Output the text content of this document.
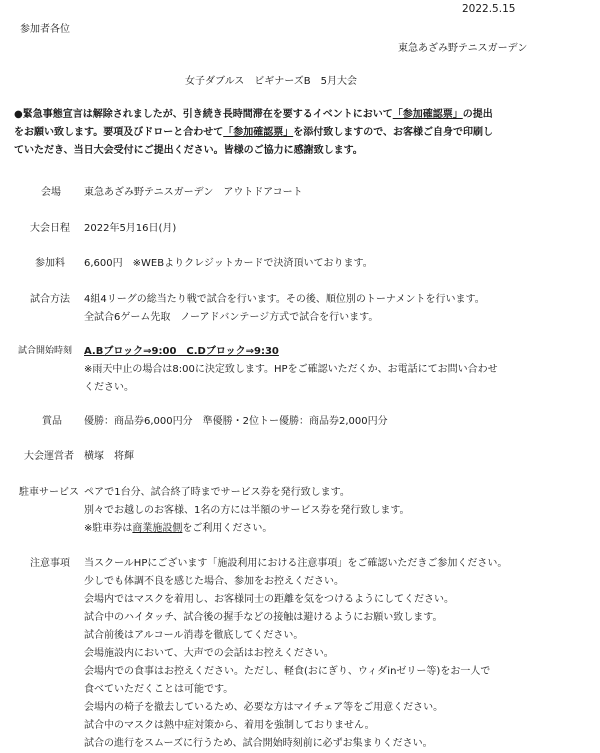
2022.5.15
参加者各位
東急あざみ野テニスガーデン
女子ダブルス　ビギナーズB　5月大会
●緊急事態宣言は解除されましたが、引き続き長時間滞在を要するイベントにおいて「参加確認票」の提出
をお願い致します。要項及びドローと合わせて「参加確認票」を添付致しますので、お客様ご自身で印刷し
ていただき、当日大会受付にご提出ください。皆様のご協力に感謝致します。
会場 東急あざみ野テニスガーデン　アウトドアコート
大会日程 2022年5月16日(月)
参加料 6,600円　※WEBよりクレジットカードで決済頂いております。
試合方法 4組4リーグの総当たり戦で試合を行います。その後、順位別のトーナメントを行います。
全試合6ゲーム先取　ノーアドバンテージ方式で試合を行います。
試合開始時刻 A.Bブロック⇒9:00　C.Dブロック⇒9:30
※雨天中止の場合は8:00に決定致します。HPをご確認いただくか、お電話にてお問い合わせ
ください。
賞品 優勝：商品券6,000円分　準優勝・2位トー優勝：商品券2,000円分
大会運営者 横塚　将輝
駐車サービス ペアで1台分、試合終了時までサービス券を発行致します。
別々でお越しのお客様、1名の方には半額のサービス券を発行致します。
※駐車券は商業施設側をご利用ください。
注意事項 当スクールHPにございます「施設利用における注意事項」をご確認いただきご参加ください。
少しでも体調不良を感じた場合、参加をお控えください。
会場内ではマスクを着用し、お客様同士の距離を気をつけるようにしてください。
試合中のハイタッチ、試合後の握手などの接触は避けるようにお願い致します。
試合前後はアルコール消毒を徹底してください。
会場施設内において、大声での会話はお控えください。
会場内での食事はお控えください。ただし、軽食(おにぎり、ウィダinゼリー等)をお一人で
食べていただくことは可能です。
会場内の椅子を撤去しているため、必要な方はマイチェア等をご用意ください。
試合中のマスクは熱中症対策から、着用を強制しておりません。
試合の進行をスムーズに行うため、試合開始時刻前に必ずお集まりください。
